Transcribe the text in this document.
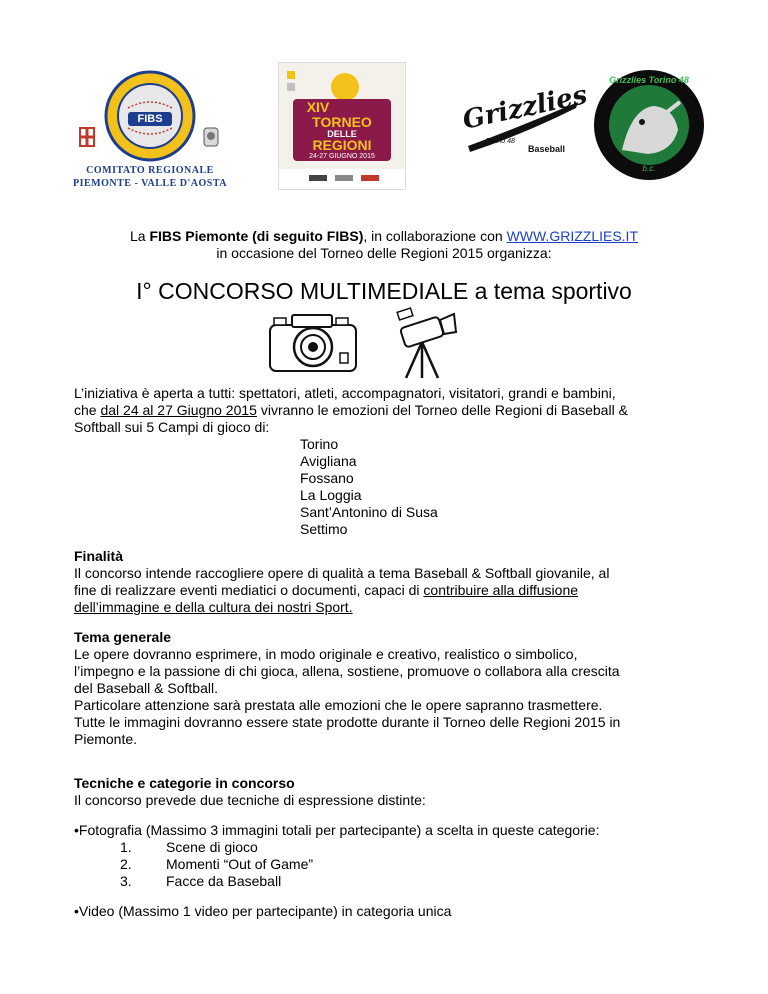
FIBS
COMITATO REGIONALE
PIEMONTE - VALLE D'AOSTA
XIV
TORNEO
DELLE
REGIONI
24-27 GIUGNO 2015
Grizzlies
Torino 48
Baseball
Grizzlies Torino 48
b.c.
La FIBS Piemonte (di seguito FIBS), in collaborazione con WWW.GRIZZLIES.IT
in occasione del Torneo delle Regioni 2015 organizza:
I° CONCORSO MULTIMEDIALE a tema sportivo
L’iniziativa è aperta a tutti: spettatori, atleti, accompagnatori, visitatori, grandi e bambini,
che dal 24 al 27 Giugno 2015 vivranno le emozioni del Torneo delle Regioni di Baseball &
Softball sui 5 Campi di gioco di:
Torino
Avigliana
Fossano
La Loggia
Sant’Antonino di Susa
Settimo
Finalità
Il concorso intende raccogliere opere di qualità a tema Baseball & Softball giovanile, al
fine di realizzare eventi mediatici o documenti, capaci di contribuire alla diffusione
dell’immagine e della cultura dei nostri Sport.
Tema generale
Le opere dovranno esprimere, in modo originale e creativo, realistico o simbolico,
l’impegno e la passione di chi gioca, allena, sostiene, promuove o collabora alla crescita
del Baseball & Softball.
Particolare attenzione sarà prestata alle emozioni che le opere sapranno trasmettere.
Tutte le immagini dovranno essere state prodotte durante il Torneo delle Regioni 2015 in
Piemonte.
Tecniche e categorie in concorso
Il concorso prevede due tecniche di espressione distinte:
•Fotografia (Massimo 3 immagini totali per partecipante) a scelta in queste categorie:
1. Scene di gioco
2. Momenti “Out of Game”
3. Facce da Baseball
•Video (Massimo 1 video per partecipante) in categoria unica
